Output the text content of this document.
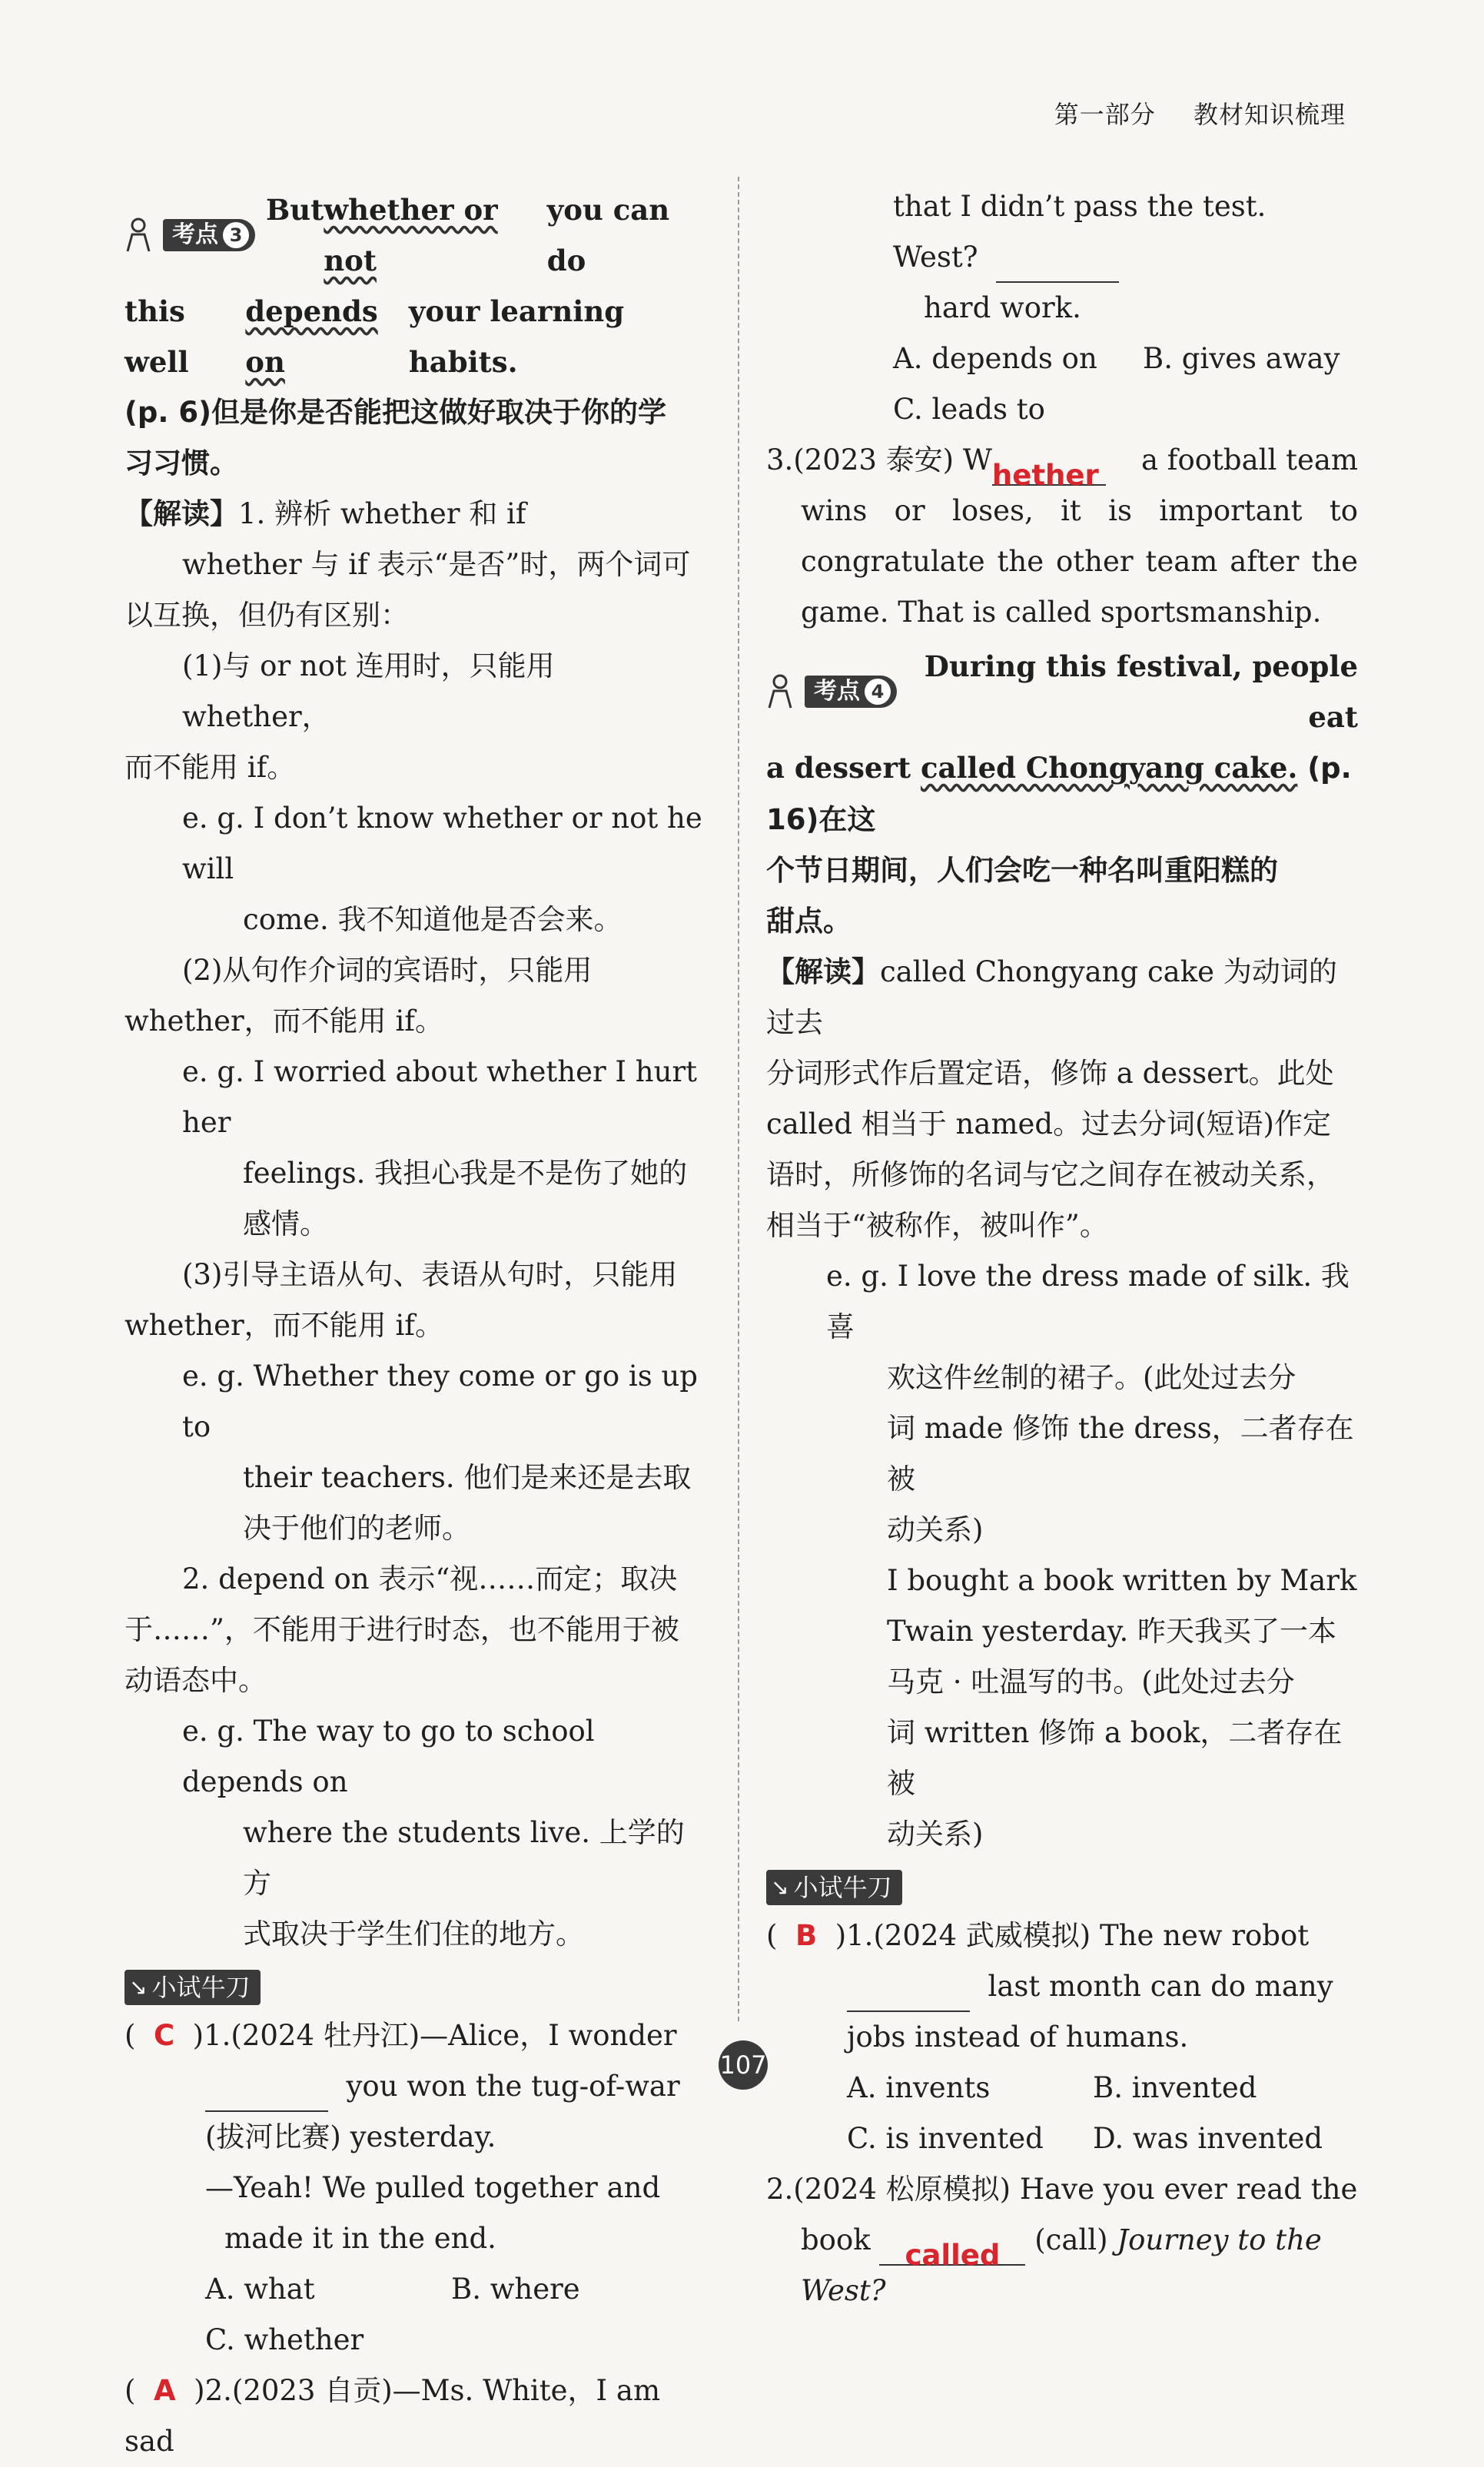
第一部分 教材知识梳理
考点 3
But whether or not
you can do

this well
depends on
your learning habits.

(p. 6)但是你是否能把这做好取决于你的学

习习惯。

【解读】1. 辨析 whether 和 if

whether 与 if 表示“是否”时，两个词可

以互换，但仍有区别：

(1)与 or not 连用时，只能用 whether，

而不能用 if。

e. g. I don’t know whether or not he will

come. 我不知道他是否会来。

(2)从句作介词的宾语时，只能用

whether，而不能用 if。

e. g. I worried about whether I hurt her

feelings. 我担心我是不是伤了她的

感情。

(3)引导主语从句、表语从句时，只能用

whether，而不能用 if。

e. g. Whether they come or go is up to

their teachers. 他们是来还是去取

决于他们的老师。

2. depend on 表示“视……而定；取决

于……”，不能用于进行时态，也不能用于被

动语态中。

e. g. The way to go to school depends on

where the students live. 上学的方

式取决于学生们住的地方。

↘ 小试牛刀

(  C )1.(2024 牡丹江)—Alice，I wonder

you won the tug-of-war

(拔河比赛) yesterday.

—Yeah! We pulled together and

made it in the end.

A. what	B. where

C. whether

(  A )2.(2023 自贡)—Ms. White，I am sad

that I didn’t pass the test.

West?

hard work.

A. depends on	B. gives away

C. leads to

3.(2023 泰安) Whether a football team

wins or loses, it is important to

congratulate the other team after the

game. That is called sportsmanship.

考点 4
During this festival, people eat

a dessert called Chongyang cake. (p. 16)在这

个节日期间，人们会吃一种名叫重阳糕的

甜点。

【解读】called Chongyang cake 为动词的过去

分词形式作后置定语，修饰 a dessert。此处

called 相当于 named。过去分词(短语)作定

语时，所修饰的名词与它之间存在被动关系，

相当于“被称作，被叫作”。

e. g. I love the dress made of silk. 我喜

欢这件丝制的裙子。(此处过去分

词 made 修饰 the dress，二者存在被

动关系)

I bought a book written by Mark

Twain yesterday. 昨天我买了一本

马克 · 吐温写的书。(此处过去分

词 written 修饰 a book，二者存在被

动关系)

↘ 小试牛刀

(  B )1.(2024 武威模拟) The new robot

last month can do many

jobs instead of humans.

A. invents	B. invented

C. is invented	D. was invented

2.(2024 松原模拟) Have you ever read the

book called (call) Journey to the

West?

107
